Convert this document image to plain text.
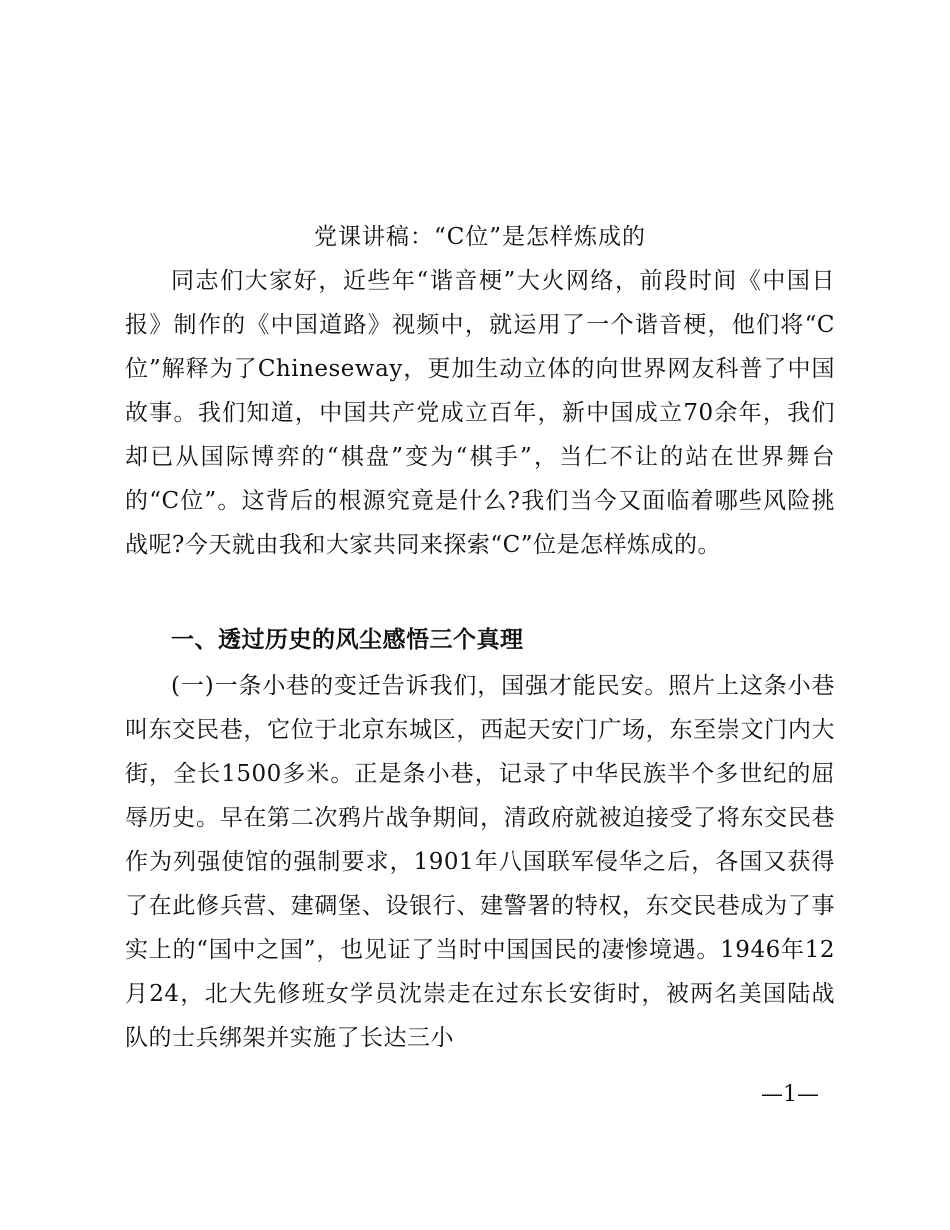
党课讲稿：“C位”是怎样炼成的

同志们大家好，近些年“谐音梗”大火网络，前段时间《中国日报》制作的《中国道路》视频中，就运用了一个谐音梗，他们将“C位”解释为了Chineseway，更加生动立体的向世界网友科普了中国故事。我们知道，中国共产党成立百年，新中国成立70余年，我们却已从国际博弈的“棋盘”变为“棋手”，当仁不让的站在世界舞台的“C位”。这背后的根源究竟是什么?我们当今又面临着哪些风险挑战呢?今天就由我和大家共同来探索“C”位是怎样炼成的。

一、透过历史的风尘感悟三个真理

(一)一条小巷的变迁告诉我们，国强才能民安。照片上这条小巷叫东交民巷，它位于北京东城区，西起天安门广场，东至崇文门内大街，全长1500多米。正是条小巷，记录了中华民族半个多世纪的屈辱历史。早在第二次鸦片战争期间，清政府就被迫接受了将东交民巷作为列强使馆的强制要求，1901年八国联军侵华之后，各国又获得了在此修兵营、建碉堡、设银行、建警署的特权，东交民巷成为了事实上的“国中之国”，也见证了当时中国国民的凄惨境遇。1946年12月24，北大先修班女学员沈崇走在过东长安街时，被两名美国陆战队的士兵绑架并实施了长达三小

—1—
